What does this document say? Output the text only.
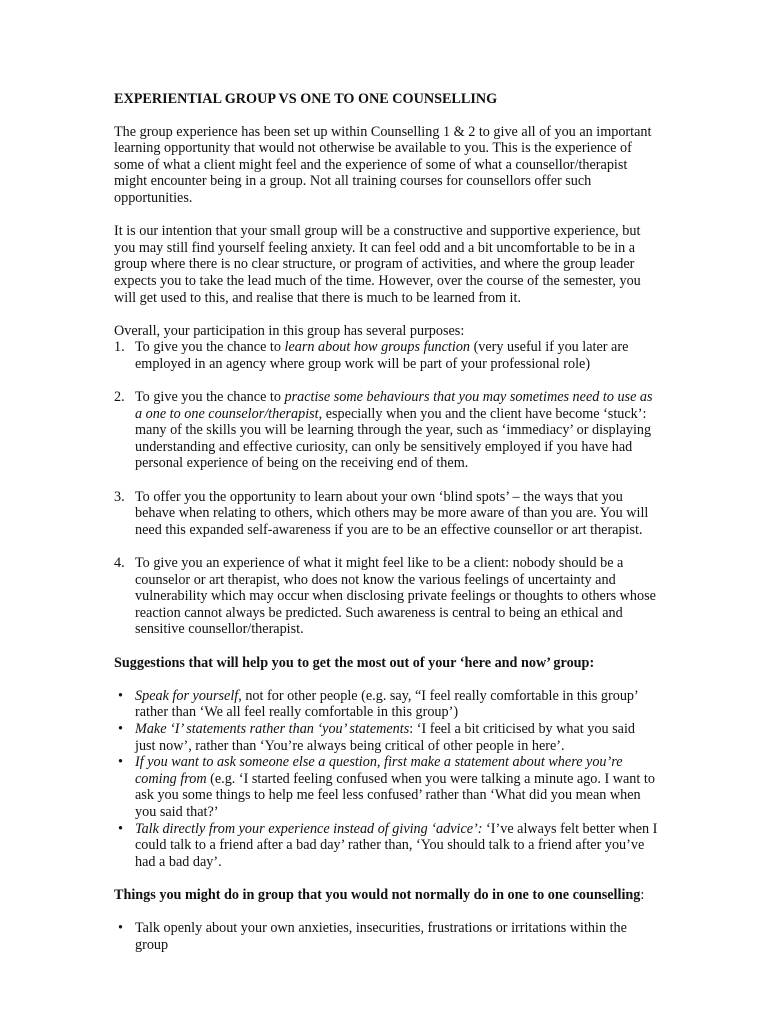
EXPERIENTIAL GROUP VS ONE TO ONE COUNSELLING

The group experience has been set up within Counselling 1 & 2 to give all of you an important learning opportunity that would not otherwise be available to you. This is the experience of some of what a client might feel and the experience of some of what a counsellor/therapist might encounter being in a group. Not all training courses for counsellors offer such opportunities.

It is our intention that your small group will be a constructive and supportive experience, but you may still find yourself feeling anxiety. It can feel odd and a bit uncomfortable to be in a group where there is no clear structure, or program of activities, and where the group leader expects you to take the lead much of the time. However, over the course of the semester, you will get used to this, and realise that there is much to be learned from it.

Overall, your participation in this group has several purposes:
1. To give you the chance to learn about how groups function (very useful if you later are employed in an agency where group work will be part of your professional role)
2. To give you the chance to practise some behaviours that you may sometimes need to use as a one to one counselor/therapist, especially when you and the client have become ‘stuck’: many of the skills you will be learning through the year, such as ‘immediacy’ or displaying understanding and effective curiosity, can only be sensitively employed if you have had personal experience of being on the receiving end of them.
3. To offer you the opportunity to learn about your own ‘blind spots’ – the ways that you behave when relating to others, which others may be more aware of than you are. You will need this expanded self-awareness if you are to be an effective counsellor or art therapist.
4. To give you an experience of what it might feel like to be a client: nobody should be a counselor or art therapist, who does not know the various feelings of uncertainty and vulnerability which may occur when disclosing private feelings or thoughts to others whose reaction cannot always be predicted. Such awareness is central to being an ethical and sensitive counsellor/therapist.
Suggestions that will help you to get the most out of your ‘here and now’ group:
• Speak for yourself, not for other people (e.g. say, “I feel really comfortable in this group’ rather than ‘We all feel really comfortable in this group’)
• Make ‘I’ statements rather than ‘you’ statements: ‘I feel a bit criticised by what you said just now’, rather than ‘You’re always being critical of other people in here’.
• If you want to ask someone else a question, first make a statement about where you’re coming from (e.g. ‘I started feeling confused when you were talking a minute ago. I want to ask you some things to help me feel less confused’ rather than ‘What did you mean when you said that?’
• Talk directly from your experience instead of giving ‘advice’: ‘I’ve always felt better when I could talk to a friend after a bad day’ rather than, ‘You should talk to a friend after you’ve had a bad day’.
Things you might do in group that you would not normally do in one to one counselling:
• Talk openly about your own anxieties, insecurities, frustrations or irritations within the group
